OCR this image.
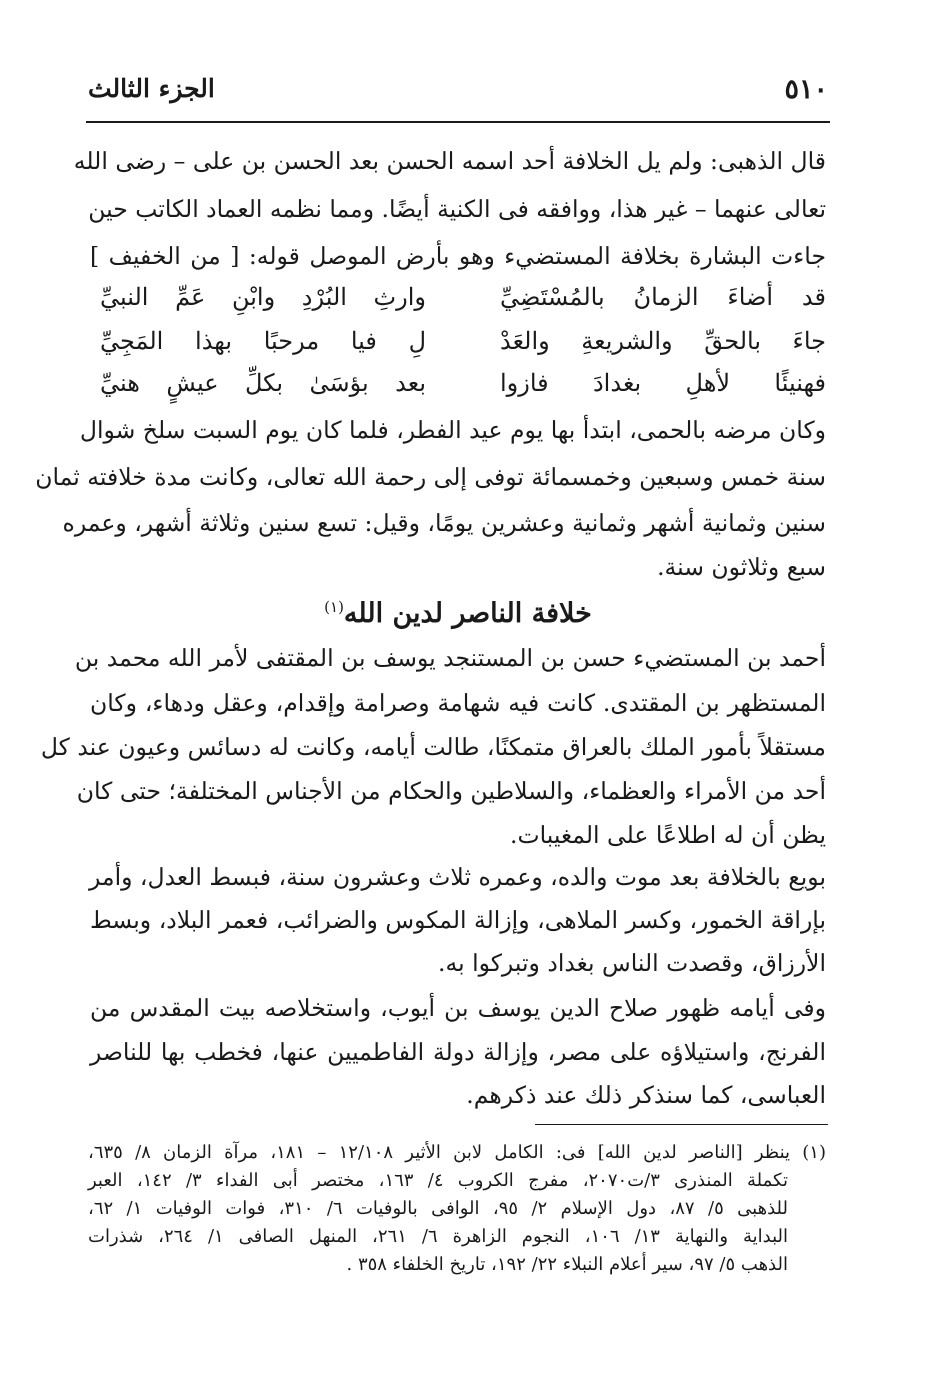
٥١٠
الجزء الثالث
قال الذهبى: ولم يل الخلافة أحد اسمه الحسن بعد الحسن بن على – رضى الله
تعالى عنهما – غير هذا، ووافقه فى الكنية أيضًا. ومما نظمه العماد الكاتب حين
جاءت البشارة بخلافة المستضيء وهو بأرض الموصل قوله: [ من الخفيف ]
قد أضاءَ الزمانُ بالمُسْتَضِيِّ
وارثِ البُرْدِ وابْنِ عَمِّ النبيِّ
جاءَ بالحقِّ والشريعةِ والعَدْ
لِ فيا مرحبًا بهذا المَجِيِّ
فهنيئًا لأهلِ بغدادَ فازوا
بعد بؤسَىٰ بكلِّ عيشٍ هنيِّ
وكان مرضه بالحمى، ابتدأ بها يوم عيد الفطر، فلما كان يوم السبت سلخ شوال
سنة خمس وسبعين وخمسمائة توفى إلى رحمة الله تعالى، وكانت مدة خلافته ثمان
سنين وثمانية أشهر وثمانية وعشرين يومًا، وقيل: تسع سنين وثلاثة أشهر، وعمره
سبع وثلاثون سنة.
خلافة الناصر لدين الله$^{(١)}$
أحمد بن المستضيء حسن بن المستنجد يوسف بن المقتفى لأمر الله محمد بن
المستظهر بن المقتدى. كانت فيه شهامة وصرامة وإقدام، وعقل ودهاء، وكان
مستقلاً بأمور الملك بالعراق متمكنًا، طالت أيامه، وكانت له دسائس وعيون عند كل
أحد من الأمراء والعظماء، والسلاطين والحكام من الأجناس المختلفة؛ حتى كان
يظن أن له اطلاعًا على المغيبات.
بويع بالخلافة بعد موت والده، وعمره ثلاث وعشرون سنة، فبسط العدل، وأمر
بإراقة الخمور، وكسر الملاهى، وإزالة المكوس والضرائب، فعمر البلاد، وبسط
الأرزاق، وقصدت الناس بغداد وتبركوا به.
وفى أيامه ظهور صلاح الدين يوسف بن أيوب، واستخلاصه بيت المقدس من
الفرنج، واستيلاؤه على مصر، وإزالة دولة الفاطميين عنها، فخطب بها للناصر
العباسى، كما سنذكر ذلك عند ذكرهم.
(١) ينظر [الناصر لدين الله] فى: الكامل لابن الأثير ١٢/١٠٨ – ١٨١، مرآة الزمان ٨/ ٦٣٥،
تكملة المنذرى ٣/ت٢٠٧٠، مفرج الكروب ٤/ ١٦٣، مختصر أبى الفداء ٣/ ١٤٢، العبر
للذهبى ٥/ ٨٧، دول الإسلام ٢/ ٩٥، الوافى بالوفيات ٦/ ٣١٠، فوات الوفيات ١/ ٦٢،
البداية والنهاية ١٣/ ١٠٦، النجوم الزاهرة ٦/ ٢٦١، المنهل الصافى ١/ ٢٦٤، شذرات
الذهب ٥/ ٩٧، سير أعلام النبلاء ٢٢/ ١٩٢، تاريخ الخلفاء ٣٥٨ .
